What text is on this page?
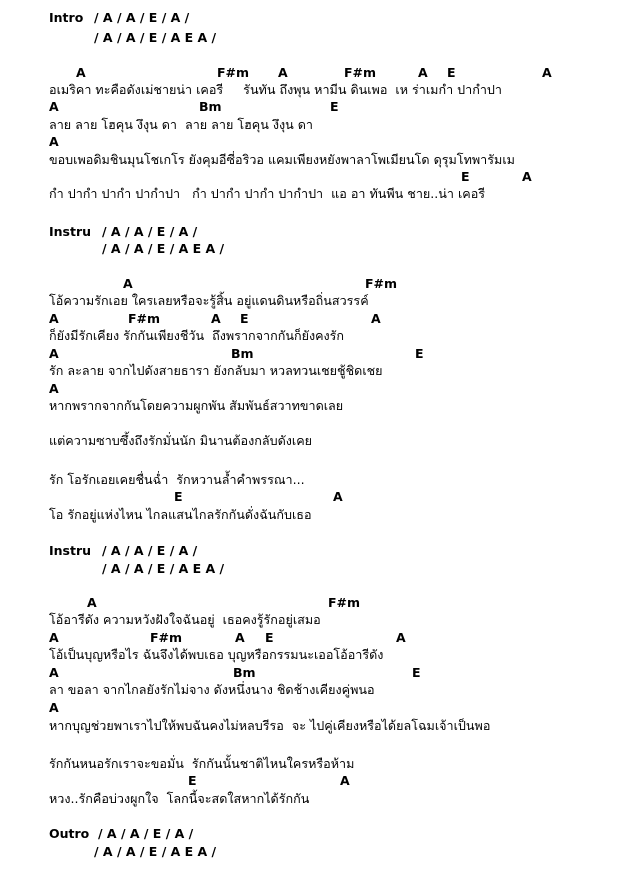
Intro / A / A / E / A /
/ A / A / E / A E A /
A	F#m A	F#m	A E	A
อเมริคา ทะคือดังเม่ชายน่า เคอรี     รันทัน ถึงพุน หามีน ดินเพอ  เห ร่าเมกำ ปากำปา
A	Bm	E
ลาย ลาย โฮคุน งึงุน ดา  ลาย ลาย โฮคุน งึงุน ดา
A
ขอบเพอดิมชินมุนโชเกโร ยังคุมอีซี่อริวอ แคมเพียงหยังพาลาโพเมียนโด ดุรุมโทพารัมเม
E	A
กำ ปากำ ปากำ ปากำปา   กำ ปากำ ปากำ ปากำปา  แอ อา ทันพีน ชาย..น่า เคอรี
Instru / A / A / E / A /
/ A / A / E / A E A /
A	F#m
โอ้ความรักเอย ใครเลยหรือจะรู้สิ้น อยู่แดนดินหรือถิ่นสวรรค์
A	F#m	A E	A
ก็ยังมีรักเคียง รักกันเพียงชีวัน  ถึงพรากจากกันก็ยังคงรัก
A	Bm	E
รัก ละลาย จากไปดังสายธารา ยังกลับมา หวลทวนเชยชู้ชิดเชย
A
หากพรากจากกันโดยความผูกพัน สัมพันธ์สวาทขาดเลย
แต่ความซาบซึ้งถึงรักมั่นนัก มินานต้องกลับดังเคย
รัก โอรักเอยเคยชื่นฉ่ำ  รักหวานล้ำคำพรรณา...
E	A
โอ รักอยู่แห่งไหน ไกลแสนไกลรักกันดั่งฉันกับเธอ
Instru / A / A / E / A /
/ A / A / E / A E A /
A	F#m
โอ้อารีดัง ความหวังฝังใจฉันอยู่  เธอคงรู้รักอยู่เสมอ
A	F#m	A E	A
โอ้เป็นบุญหรือไร ฉันจึงได้พบเธอ บุญหรือกรรมนะเออโอ้อารีดัง
A	Bm	E
ลา ขอลา จากไกลยังรักไม่จาง ดังหนึ่งนาง ชิดช้างเคียงคู่พนอ
A
หากบุญช่วยพาเราไปให้พบฉันคงไม่หลบรีรอ  จะ ไปคู่เคียงหรือได้ยลโฉมเจ้าเป็นพอ
รักกันหนอรักเราจะขอมั่น  รักกันนั้นชาติไหนใครหรือห้าม
E	A
หวง..รักคือบ่วงผูกใจ  โลกนี้จะสดใสหากได้รักกัน
Outro / A / A / E / A /
/ A / A / E / A E A /
